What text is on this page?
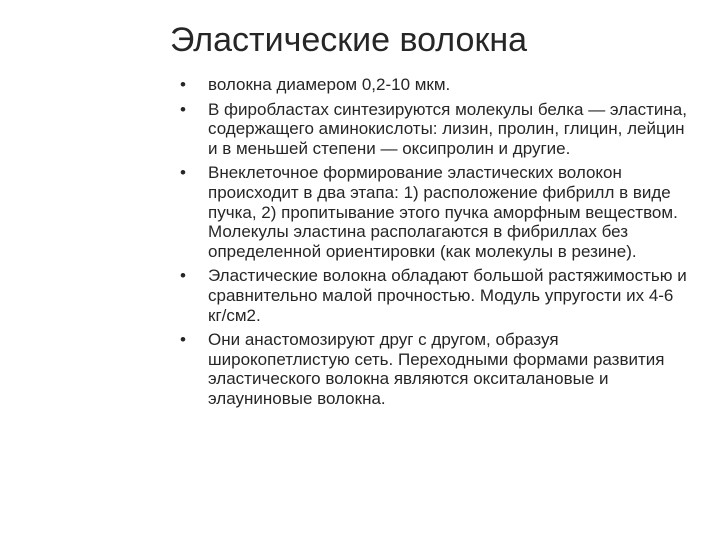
Эластические волокна
•	волокна диамером 0,2-10 мкм.
•	В фиробластах синтезируются молекулы белка — эластина, содержащего аминокислоты: лизин, пролин, глицин, лейцин и в меньшей степени — оксипролин и другие.
•	Внеклеточное формирование эластических волокон происходит в два этапа: 1) расположение фибрилл в виде пучка, 2) пропитывание этого пучка аморфным веществом. Молекулы эластина располагаются в фибриллах без определенной ориентировки (как молекулы в резине).
•	Эластические волокна обладают большой растяжимостью и сравнительно малой прочностью. Модуль упругости их 4-6 кг/см2.
•	Они анастомозируют друг с другом, образуя широкопетлистую сеть. Переходными формами развития эластического волокна являются окситалановые и элауниновые волокна.
